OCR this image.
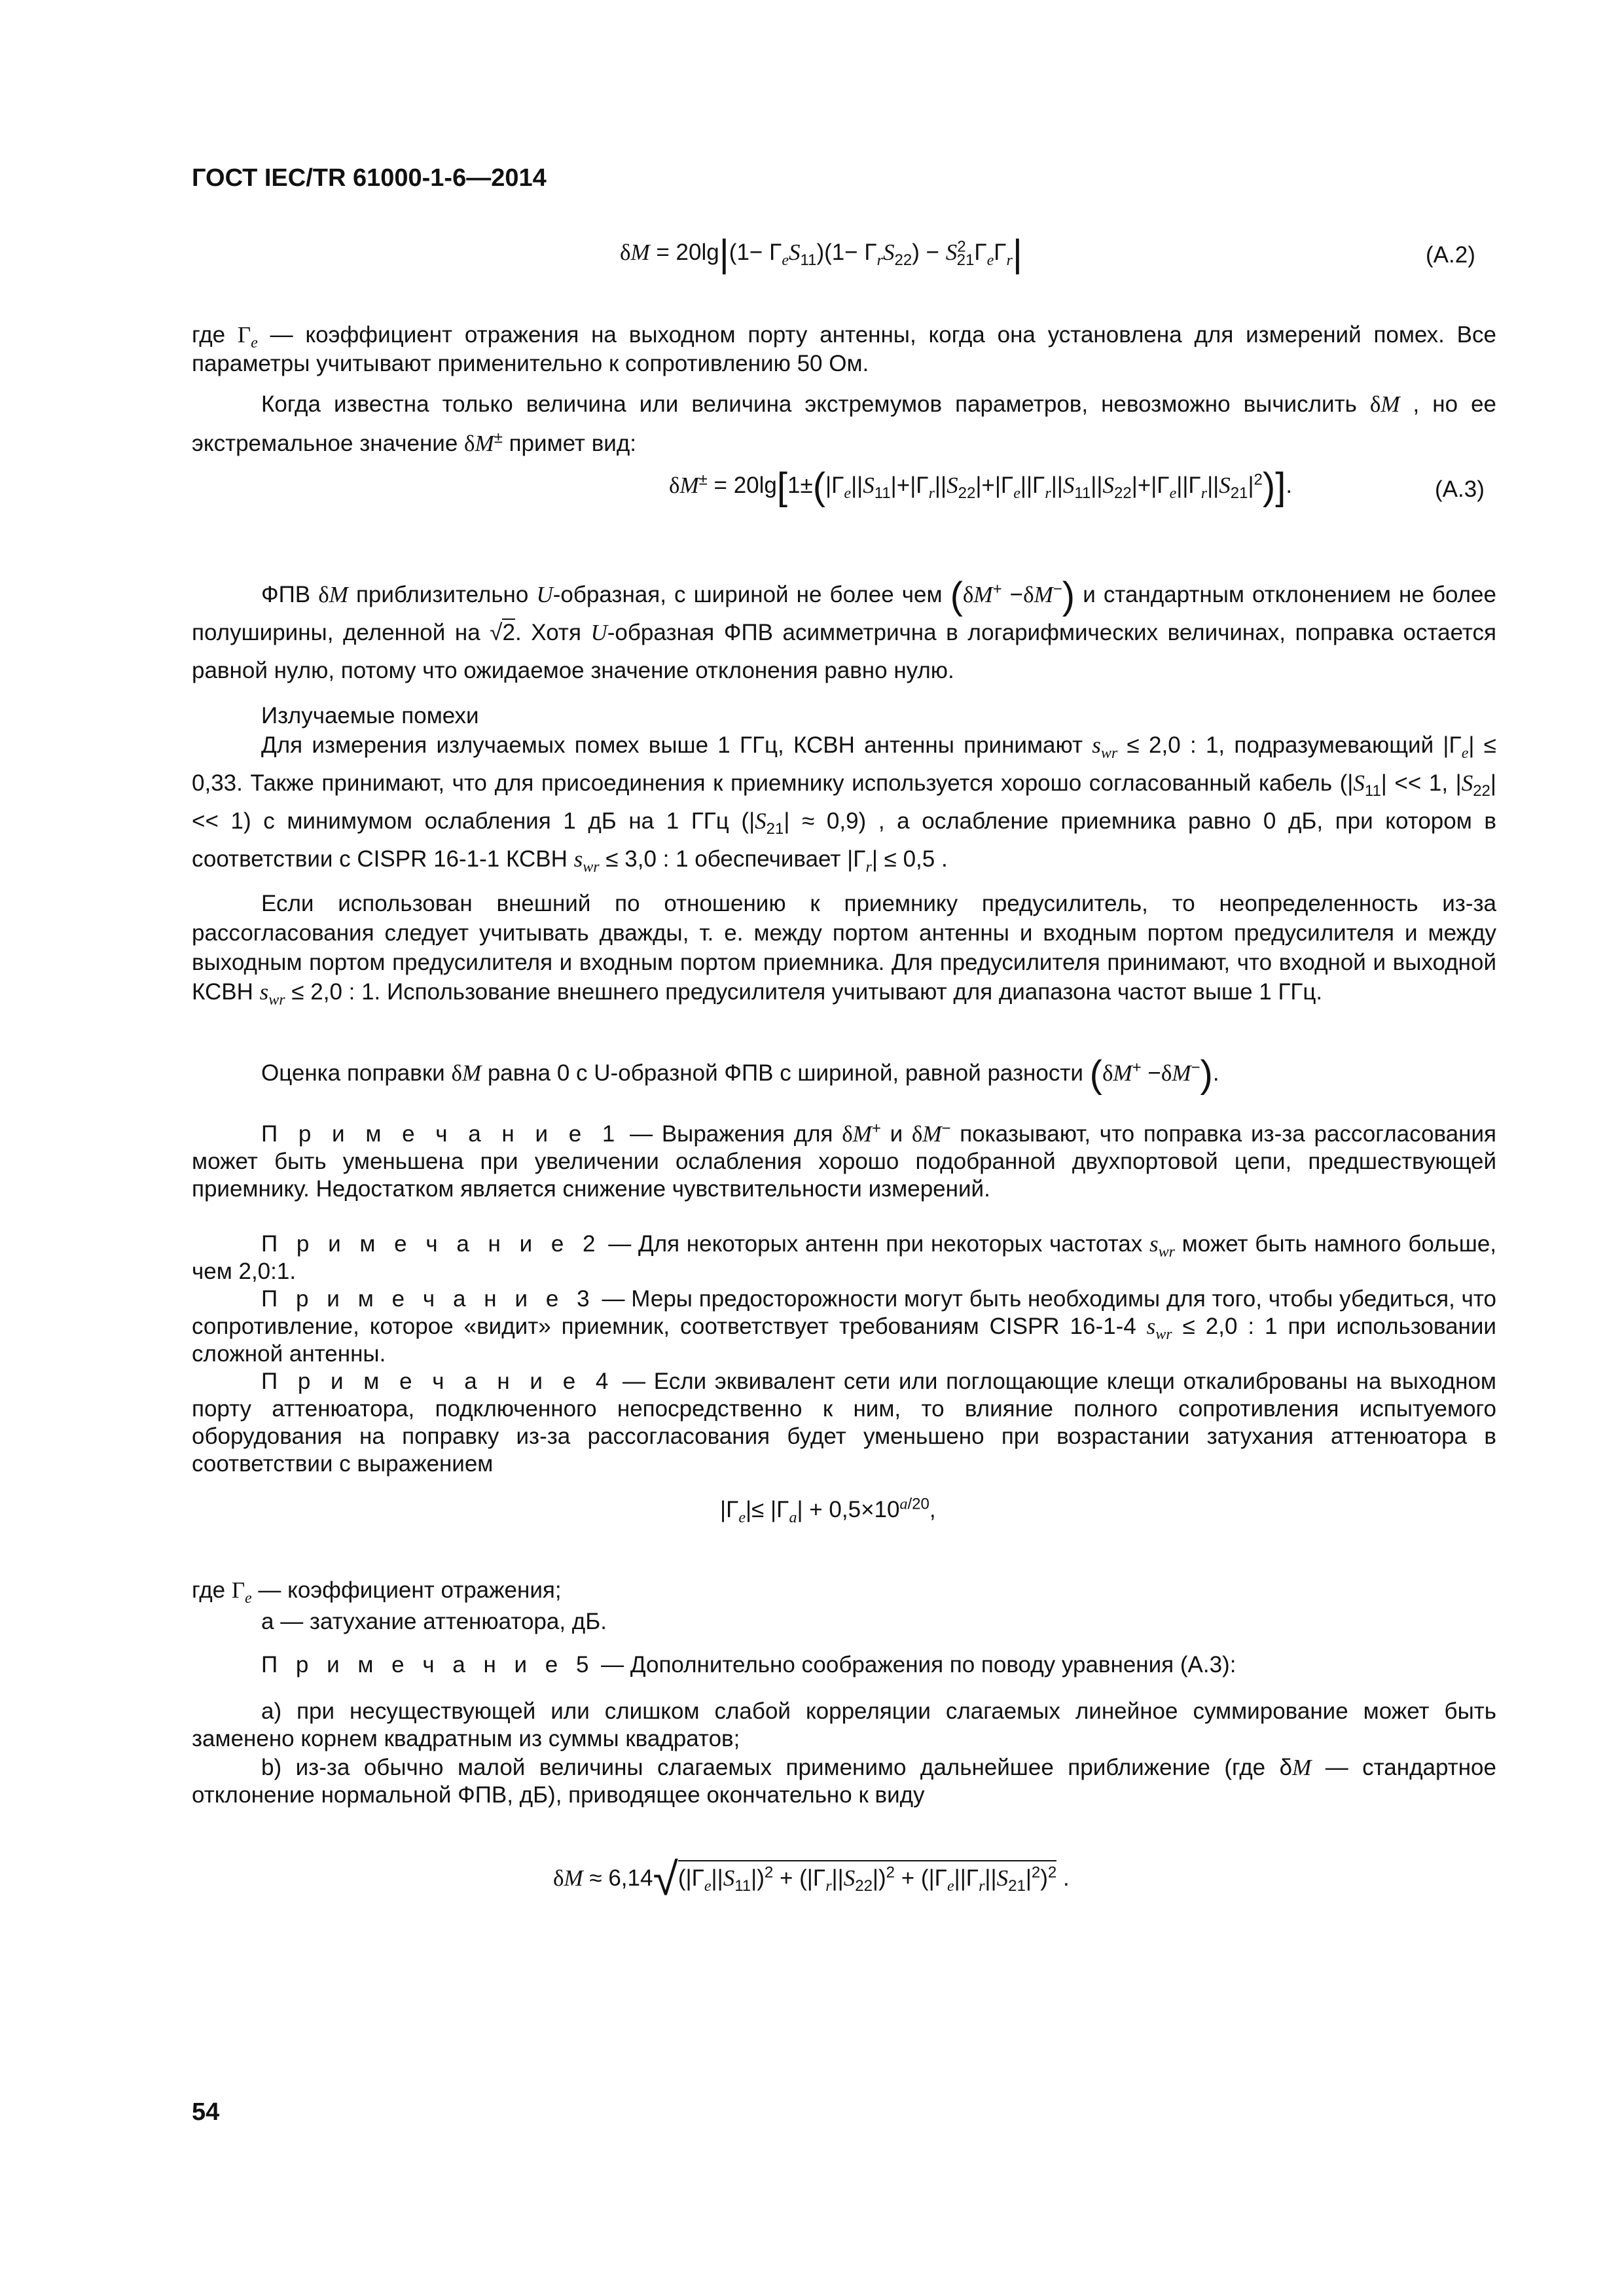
ГОСТ IEC/TR 61000-1-6—2014
$\delta M = 20\lg|(1- \Gamma_eS_{11})(1- \Gamma_rS_{22}) - S^2_{21}\Gamma_e\Gamma_r|$	(A.2)
где $\Gamma_e$ — коэффициент отражения на выходном порту антенны, когда она установлена для измерений помех. Все параметры учитывают применительно к сопротивлению 50 Ом.
Когда известна только величина или величина экстремумов параметров, невозможно вычислить δM , но ее экстремальное значение δM± примет вид:
$\delta M^\pm = 20\lg[1\pm(|\Gamma_e||S_{11}|+|\Gamma_r||S_{22}|+|\Gamma_e||\Gamma_r||S_{11}||S_{22}|+|\Gamma_e||\Gamma_r||S_{21}|^2)]$.	(A.3)
ФПВ δM приблизительно U-образная, с шириной не более чем (δM+ −δM−) и стандартным отклонением не более полуширины, деленной на √2. Хотя U-образная ФПВ асимметрична в логарифмических величинах, поправка остается равной нулю, потому что ожидаемое значение отклонения равно нулю.
Излучаемые помехи
Для измерения излучаемых помех выше 1 ГГц, КСВН антенны принимают $s_{wr} \le 2,0$ : 1, подразумевающий $|\Gamma_e| \le 0,33$. Также принимают, что для присоединения к приемнику используется хорошо согласованный кабель ($|S_{11}| << 1$, $|S_{22}| << 1$) с минимумом ослабления 1 дБ на 1 ГГц $(|S_{21}| \approx 0,9)$ , а ослабление приемника равно 0 дБ, при котором в соответствии с CISPR 16-1-1 КСВН $s_{wr} \le 3,0$ : 1 обеспечивает $|\Gamma_r| \le 0,5$ .
Если использован внешний по отношению к приемнику предусилитель, то неопределенность из-за рассогласования следует учитывать дважды, т. е. между портом антенны и входным портом предусилителя и между выходным портом предусилителя и входным портом приемника. Для предусилителя принимают, что входной и выходной КСВН $s_{wr} \le 2,0$ : 1. Использование внешнего предусилителя учитывают для диапазона частот выше 1 ГГц.
Оценка поправки δM равна 0 с U-образной ФПВ с шириной, равной разности (δM+ −δM−).
П р и м е ч а н и е 1 — Выражения для δM+ и δM− показывают, что поправка из-за рассогласования может быть уменьшена при увеличении ослабления хорошо подобранной двухпортовой цепи, предшествующей приемнику. Недостатком является снижение чувствительности измерений.
П р и м е ч а н и е 2 — Для некоторых антенн при некоторых частотах $s_{wr}$ может быть намного больше, чем 2,0:1.
П р и м е ч а н и е 3 — Меры предосторожности могут быть необходимы для того, чтобы убедиться, что сопротивление, которое «видит» приемник, соответствует требованиям CISPR 16-1-4 $s_{wr} \le 2,0$ : 1 при использовании сложной антенны.
П р и м е ч а н и е 4 — Если эквивалент сети или поглощающие клещи откалиброваны на выходном порту аттенюатора, подключенного непосредственно к ним, то влияние полного сопротивления испытуемого оборудования на поправку из-за рассогласования будет уменьшено при возрастании затухания аттенюатора в соответствии с выражением
$|\Gamma_e|\le |\Gamma_a| + 0,5\times 10^{a/20}$,
где $\Gamma_e$ — коэффициент отражения;
a — затухание аттенюатора, дБ.
П р и м е ч а н и е 5 — Дополнительно соображения по поводу уравнения (A.3):
a) при несуществующей или слишком слабой корреляции слагаемых линейное суммирование может быть заменено корнем квадратным из суммы квадратов;
b) из-за обычно малой величины слагаемых применимо дальнейшее приближение (где δM — стандартное отклонение нормальной ФПВ, дБ), приводящее окончательно к виду
$\delta M \approx 6,14√(|\Gamma_e||S_{11}|)^2 + (|\Gamma_r||S_{22}|)^2 + (|\Gamma_e||\Gamma_r||S_{21}|^2)^2$ .
54
